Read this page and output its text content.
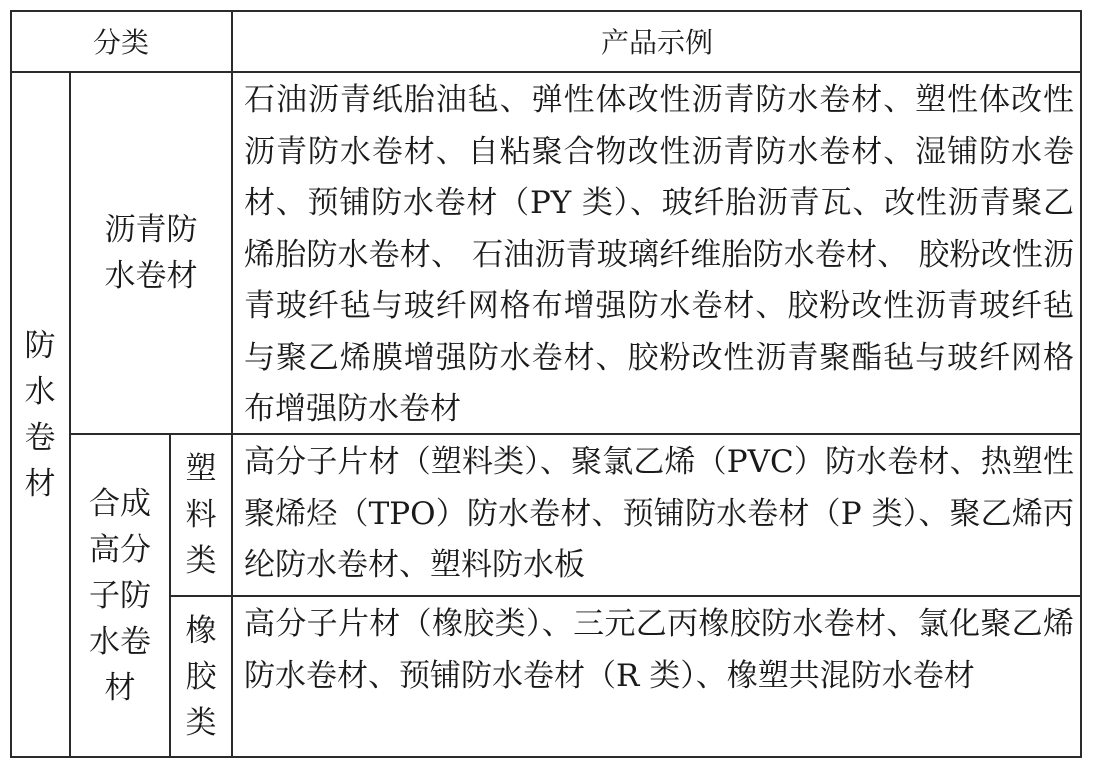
分类	产品示例
防
水
卷
材
沥青防
水卷材
石油沥青纸胎油毡、弹性体改性沥青防水卷材、塑性体改性沥青防水卷材、自粘聚合物改性沥青防水卷材、湿铺防水卷材、预铺防水卷材（PY 类）、玻纤胎沥青瓦、改性沥青聚乙烯胎防水卷材、 石油沥青玻璃纤维胎防水卷材、 胶粉改性沥青玻纤毡与玻纤网格布增强防水卷材、胶粉改性沥青玻纤毡与聚乙烯膜增强防水卷材、胶粉改性沥青聚酯毡与玻纤网格布增强防水卷材
合成
高分
子防
水卷
材
塑
料
类
高分子片材（塑料类）、聚氯乙烯（PVC）防水卷材、热塑性聚烯烃（TPO）防水卷材、预铺防水卷材（P 类）、聚乙烯丙纶防水卷材、塑料防水板
橡
胶
类
高分子片材（橡胶类）、三元乙丙橡胶防水卷材、氯化聚乙烯防水卷材、预铺防水卷材（R 类）、橡塑共混防水卷材
